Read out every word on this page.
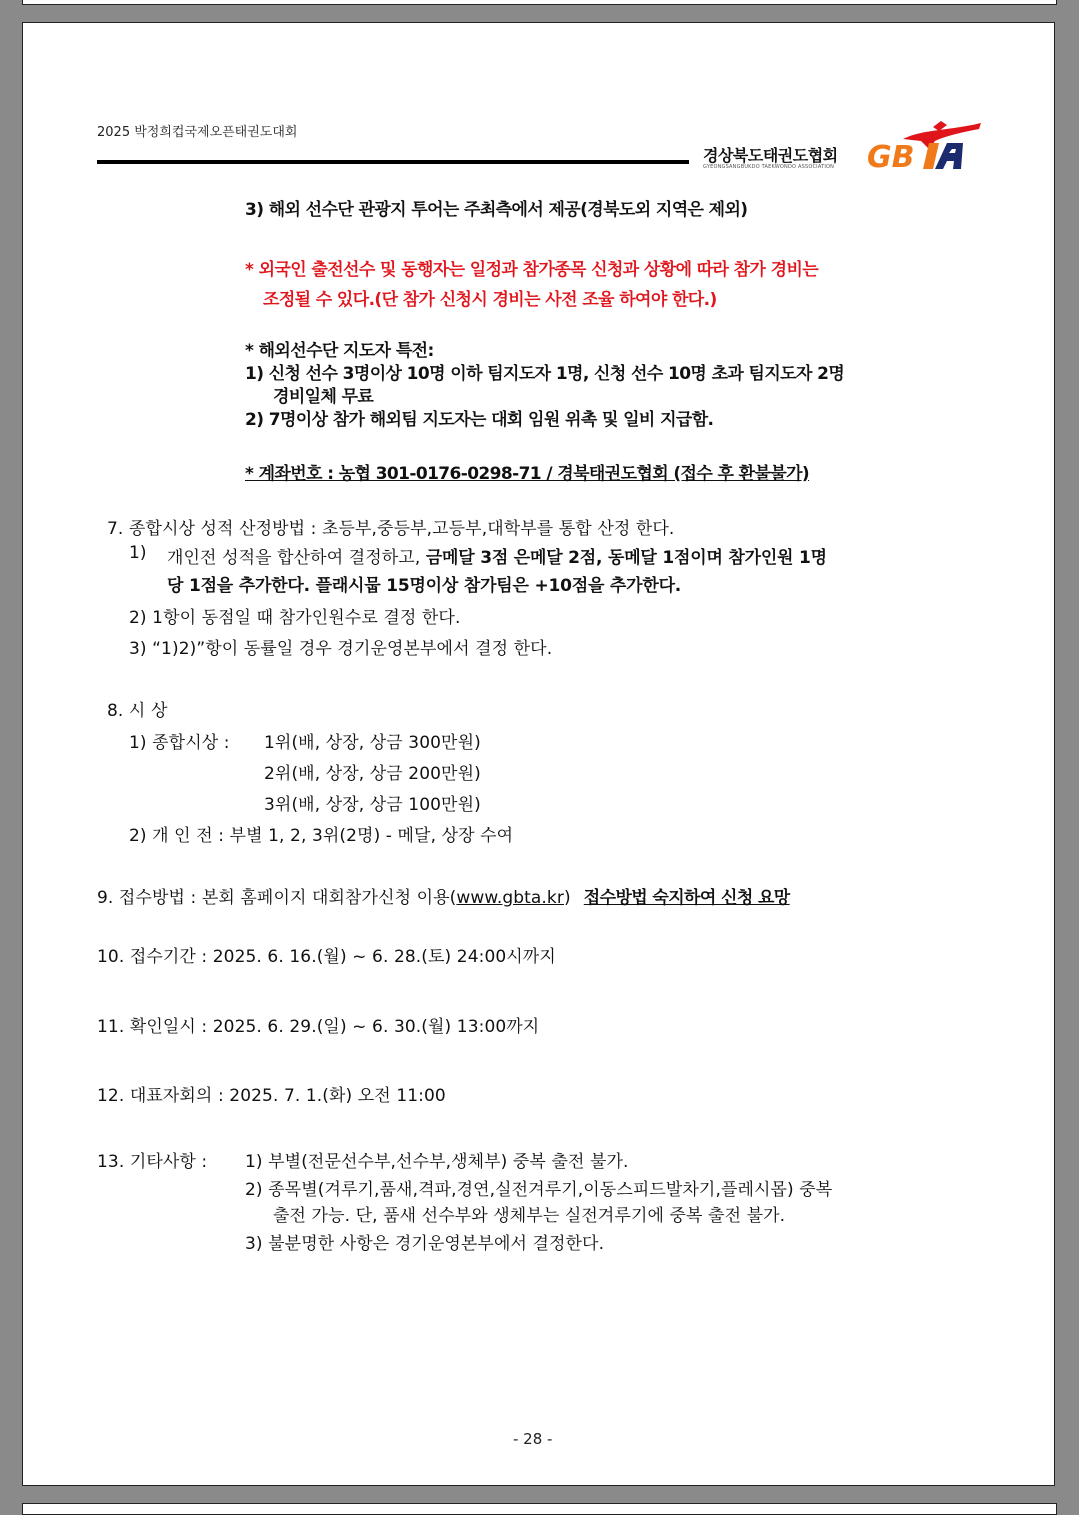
2025 박정희컵국제오픈태권도대회
경상북도태권도협회
GYEONGSANGBUKDO TAEKWONDO ASSOCIATION GB
GBTA
3) 해외 선수단 관광지 투어는 주최측에서 제공(경북도외 지역은 제외)
* 외국인 출전선수 및 동행자는 일정과 참가종목 신청과 상황에 따라 참가 경비는
조정될 수 있다.(단 참가 신청시 경비는 사전 조율 하여야 한다.)
* 해외선수단 지도자 특전:
1) 신청 선수 3명이상 10명 이하 팀지도자 1명, 신청 선수 10명 초과 팀지도자 2명
경비일체 무료
2) 7명이상 참가 해외팀 지도자는 대회 임원 위촉 및 일비 지급함.
* 계좌번호 : 농협 301-0176-0298-71 / 경북태권도협회 (접수 후 환불불가)
7. 종합시상 성적 산정방법 : 초등부,중등부,고등부,대학부를 통합 산정 한다.
1) 개인전 성적을 합산하여 결정하고, 금메달 3점 은메달 2점, 동메달 1점이며 참가인원 1명
당 1점을 추가한다. 플래시뭅 15명이상 참가팀은 +10점을 추가한다.
2) 1항이 동점일 때 참가인원수로 결정 한다.
3) “1)2)”항이 동률일 경우 경기운영본부에서 결정 한다.
8. 시 상
1) 종합시상 : 1위(배, 상장, 상금 300만원)
2위(배, 상장, 상금 200만원)
3위(배, 상장, 상금 100만원)
2) 개 인 전 : 부별 1, 2, 3위(2명) - 메달, 상장 수여
9. 접수방법 : 본회 홈페이지 대회참가신청 이용(www.gbta.kr) 접수방법 숙지하여 신청 요망
10. 접수기간 : 2025. 6. 16.(월) ~ 6. 28.(토) 24:00시까지
11. 확인일시 : 2025. 6. 29.(일) ~ 6. 30.(월) 13:00까지
12. 대표자회의 : 2025. 7. 1.(화) 오전 11:00
13. 기타사항 : 1) 부별(전문선수부,선수부,생체부) 중복 출전 불가.
2) 종목별(겨루기,품새,격파,경연,실전겨루기,이동스피드발차기,플레시몹) 중복
출전 가능. 단, 품새 선수부와 생체부는 실전겨루기에 중복 출전 불가.
3) 불분명한 사항은 경기운영본부에서 결정한다.
- 28 -
